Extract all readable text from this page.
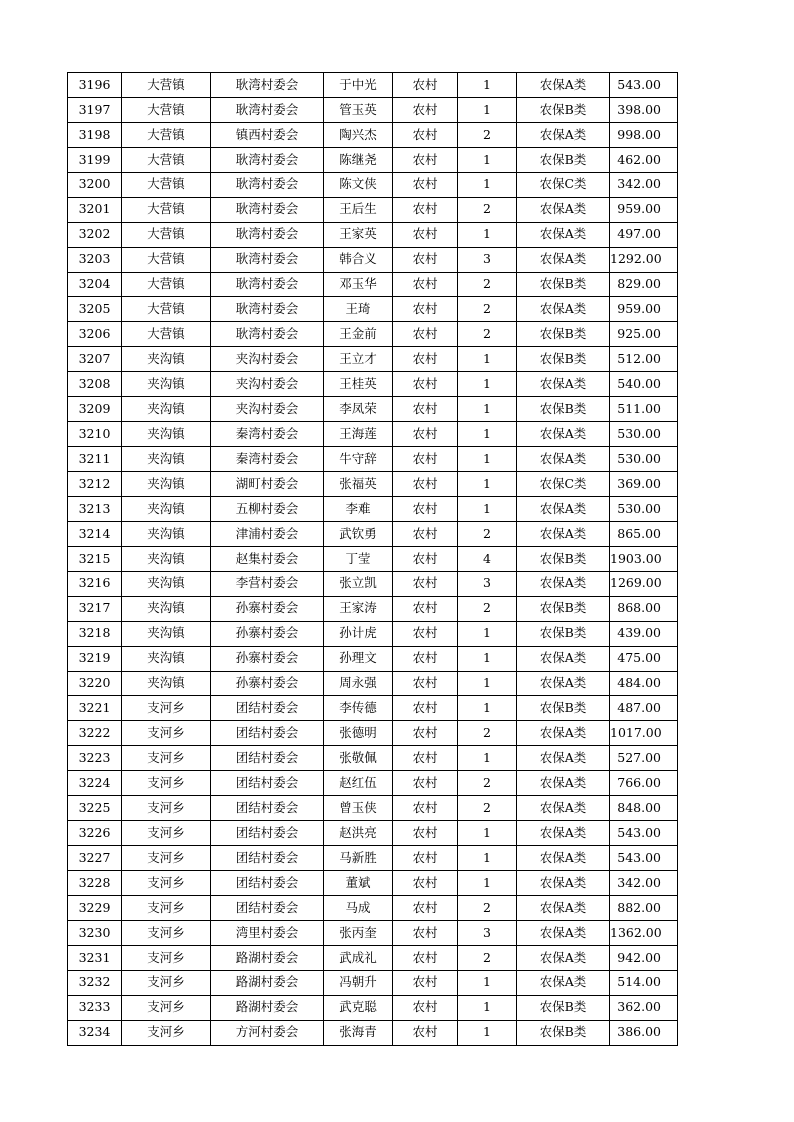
3196	大营镇	耿湾村委会	于中光	农村	1	农保A类	543.00
3197	大营镇	耿湾村委会	管玉英	农村	1	农保B类	398.00
3198	大营镇	镇西村委会	陶兴杰	农村	2	农保A类	998.00
3199	大营镇	耿湾村委会	陈继尧	农村	1	农保B类	462.00
3200	大营镇	耿湾村委会	陈文侠	农村	1	农保C类	342.00
3201	大营镇	耿湾村委会	王后生	农村	2	农保A类	959.00
3202	大营镇	耿湾村委会	王家英	农村	1	农保A类	497.00
3203	大营镇	耿湾村委会	韩合义	农村	3	农保A类	1292.00
3204	大营镇	耿湾村委会	邓玉华	农村	2	农保B类	829.00
3205	大营镇	耿湾村委会	王琦	农村	2	农保A类	959.00
3206	大营镇	耿湾村委会	王金前	农村	2	农保B类	925.00
3207	夹沟镇	夹沟村委会	王立才	农村	1	农保B类	512.00
3208	夹沟镇	夹沟村委会	王桂英	农村	1	农保A类	540.00
3209	夹沟镇	夹沟村委会	李凤荣	农村	1	农保B类	511.00
3210	夹沟镇	秦湾村委会	王海莲	农村	1	农保A类	530.00
3211	夹沟镇	秦湾村委会	牛守辞	农村	1	农保A类	530.00
3212	夹沟镇	湖町村委会	张福英	农村	1	农保C类	369.00
3213	夹沟镇	五柳村委会	李难	农村	1	农保A类	530.00
3214	夹沟镇	津浦村委会	武钦勇	农村	2	农保A类	865.00
3215	夹沟镇	赵集村委会	丁莹	农村	4	农保B类	1903.00
3216	夹沟镇	李营村委会	张立凯	农村	3	农保A类	1269.00
3217	夹沟镇	孙寨村委会	王家涛	农村	2	农保B类	868.00
3218	夹沟镇	孙寨村委会	孙计虎	农村	1	农保B类	439.00
3219	夹沟镇	孙寨村委会	孙理文	农村	1	农保A类	475.00
3220	夹沟镇	孙寨村委会	周永强	农村	1	农保A类	484.00
3221	支河乡	团结村委会	李传德	农村	1	农保B类	487.00
3222	支河乡	团结村委会	张德明	农村	2	农保A类	1017.00
3223	支河乡	团结村委会	张敬佩	农村	1	农保A类	527.00
3224	支河乡	团结村委会	赵红伍	农村	2	农保A类	766.00
3225	支河乡	团结村委会	曾玉侠	农村	2	农保A类	848.00
3226	支河乡	团结村委会	赵洪亮	农村	1	农保A类	543.00
3227	支河乡	团结村委会	马新胜	农村	1	农保A类	543.00
3228	支河乡	团结村委会	董斌	农村	1	农保A类	342.00
3229	支河乡	团结村委会	马成	农村	2	农保A类	882.00
3230	支河乡	湾里村委会	张丙奎	农村	3	农保A类	1362.00
3231	支河乡	路湖村委会	武成礼	农村	2	农保A类	942.00
3232	支河乡	路湖村委会	冯朝升	农村	1	农保A类	514.00
3233	支河乡	路湖村委会	武克聪	农村	1	农保B类	362.00
3234	支河乡	方河村委会	张海青	农村	1	农保B类	386.00
